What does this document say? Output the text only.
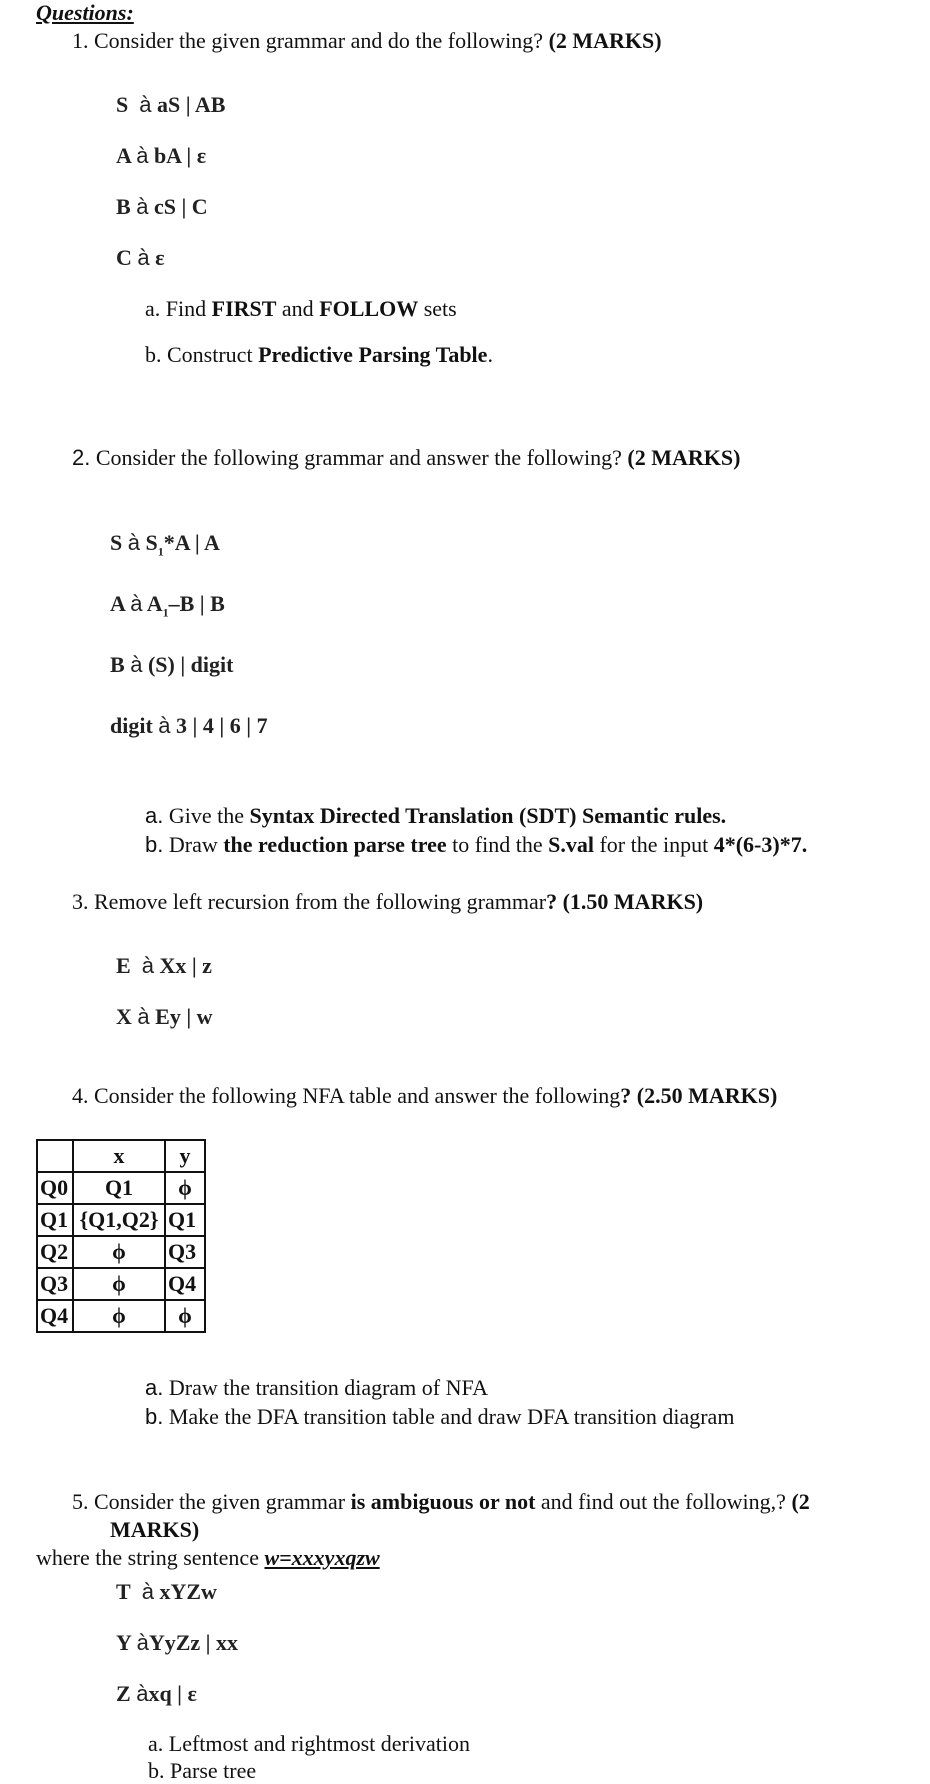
Questions:
1. Consider the given grammar and do the following? (2 MARKS)
S à aS | AB
A à bA | ε
B à cS | C
C à ε
a. Find FIRST and FOLLOW sets
b. Construct Predictive Parsing Table.
2. Consider the following grammar and answer the following? (2 MARKS)
S à $S_1*A$ | A
A à $A_1-B$ | B
B à (S) | digit
digit à 3 | 4 | 6 | 7
a. Give the Syntax Directed Translation (SDT) Semantic rules.
b. Draw the reduction parse tree to find the S.val for the input 4*(6-3)*7.
3. Remove left recursion from the following grammar? (1.50 MARKS)
E à Xx | z
X à Ey | w
4. Consider the following NFA table and answer the following? (2.50 MARKS)
	x	y
Q0	Q1	ϕ
Q1	{Q1,Q2}	Q1
Q2	ϕ	Q3
Q3	ϕ	Q4
Q4	ϕ	ϕ
a. Draw the transition diagram of NFA
b. Make the DFA transition table and draw DFA transition diagram
5. Consider the given grammar is ambiguous or not and find out the following,? (2
MARKS)
where the string sentence w=xxxyxqzw
T à xYZw
Y àYyZz | xx
Z àxq | ε
a. Leftmost and rightmost derivation
b. Parse tree
